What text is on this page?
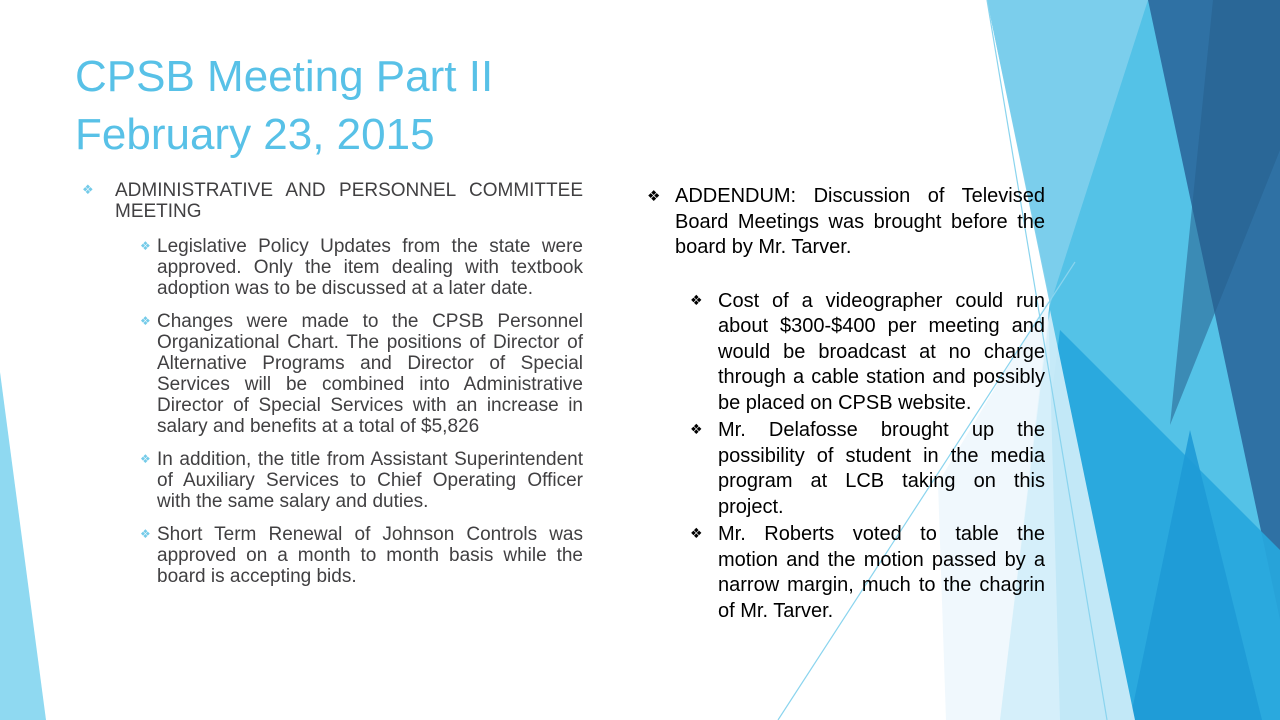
CPSB Meeting Part II
February 23, 2015
❖	ADMINISTRATIVE AND PERSONNEL COMMITTEE MEETING
❖ Legislative Policy Updates from the state were approved. Only the item dealing with textbook adoption was to be discussed at a later date.
❖ Changes were made to the CPSB Personnel Organizational Chart. The positions of Director of Alternative Programs and Director of Special Services will be combined into Administrative Director of Special Services with an increase in salary and benefits at a total of $5,826
❖ In addition, the title from Assistant Superintendent of Auxiliary Services to Chief Operating Officer with the same salary and duties.
❖ Short Term Renewal of Johnson Controls was approved on a month to month basis while the board is accepting bids.
❖ ADDENDUM: Discussion of Televised Board Meetings was brought before the board by Mr. Tarver.
❖ Cost of a videographer could run about $300-$400 per meeting and would be broadcast at no charge through a cable station and possibly be placed on CPSB website.
❖ Mr. Delafosse brought up the possibility of student in the media program at LCB taking on this project.
❖ Mr. Roberts voted to table the motion and the motion passed by a narrow margin, much to the chagrin of Mr. Tarver.
